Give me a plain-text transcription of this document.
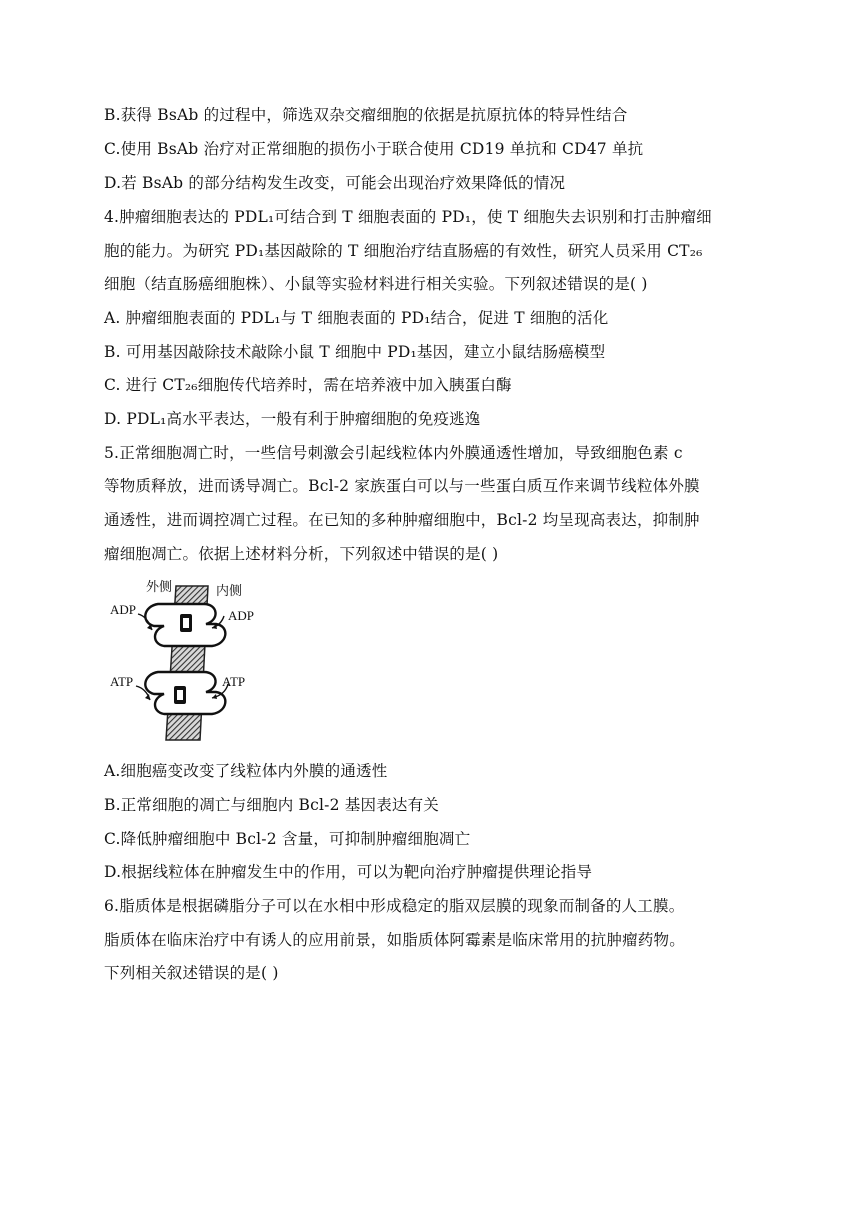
B.获得 BsAb 的过程中，筛选双杂交瘤细胞的依据是抗原抗体的特异性结合
C.使用 BsAb 治疗对正常细胞的损伤小于联合使用 CD19 单抗和 CD47 单抗
D.若 BsAb 的部分结构发生改变，可能会出现治疗效果降低的情况
4.肿瘤细胞表达的 PDL₁可结合到 T 细胞表面的 PD₁，使 T 细胞失去识别和打击肿瘤细
胞的能力。为研究 PD₁基因敲除的 T 细胞治疗结直肠癌的有效性，研究人员采用 CT₂₆
细胞（结直肠癌细胞株）、小鼠等实验材料进行相关实验。下列叙述错误的是( )
A. 肿瘤细胞表面的 PDL₁与 T 细胞表面的 PD₁结合，促进 T 细胞的活化
B. 可用基因敲除技术敲除小鼠 T 细胞中 PD₁基因，建立小鼠结肠癌模型
C. 进行 CT₂₆细胞传代培养时，需在培养液中加入胰蛋白酶
D. PDL₁高水平表达，一般有利于肿瘤细胞的免疫逃逸
5.正常细胞凋亡时，一些信号刺激会引起线粒体内外膜通透性增加，导致细胞色素 c
等物质释放，进而诱导凋亡。Bcl-2 家族蛋白可以与一些蛋白质互作来调节线粒体外膜
通透性，进而调控凋亡过程。在已知的多种肿瘤细胞中，Bcl-2 均呈现高表达，抑制肿
瘤细胞凋亡。依据上述材料分析，下列叙述中错误的是( )
外侧	内侧
ADP	ADP
ATP	ATP
A.细胞癌变改变了线粒体内外膜的通透性
B.正常细胞的凋亡与细胞内 Bcl-2 基因表达有关
C.降低肿瘤细胞中 Bcl-2 含量，可抑制肿瘤细胞凋亡
D.根据线粒体在肿瘤发生中的作用，可以为靶向治疗肿瘤提供理论指导
6.脂质体是根据磷脂分子可以在水相中形成稳定的脂双层膜的现象而制备的人工膜。
脂质体在临床治疗中有诱人的应用前景，如脂质体阿霉素是临床常用的抗肿瘤药物。
下列相关叙述错误的是( )
